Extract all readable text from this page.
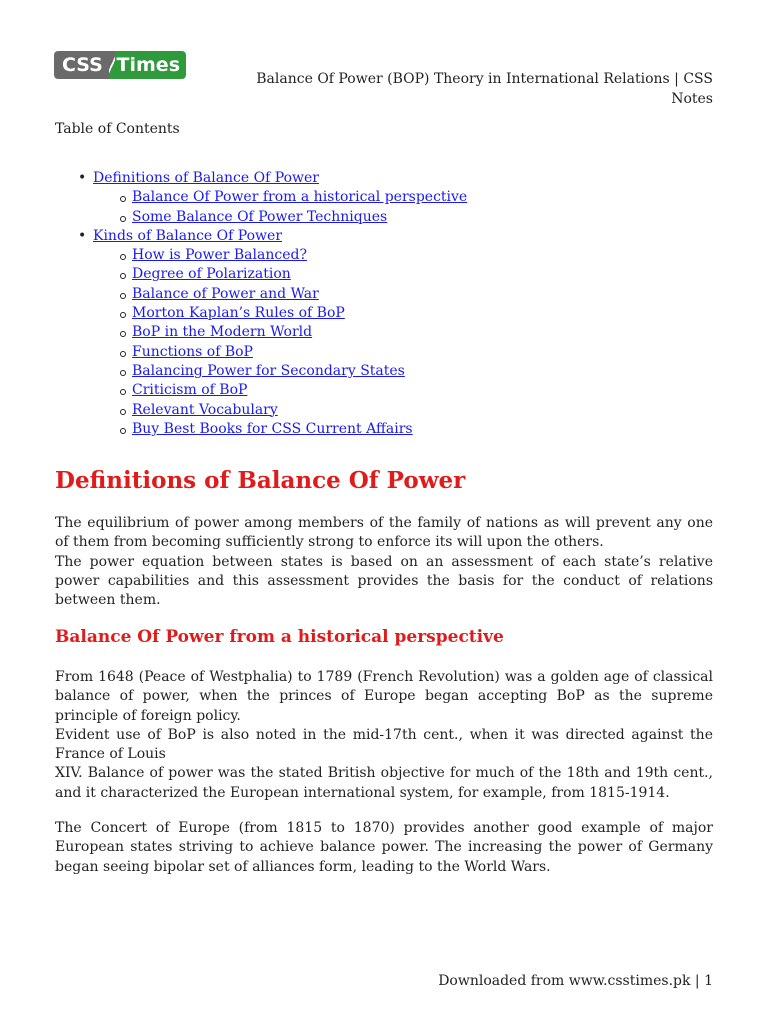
CSS Times
Balance Of Power (BOP) Theory in International Relations | CSS Notes
Table of Contents
• Definitions of Balance Of Power
Balance Of Power from a historical perspective
Some Balance Of Power Techniques
• Kinds of Balance Of Power
How is Power Balanced?
Degree of Polarization
Balance of Power and War
Morton Kaplan’s Rules of BoP
BoP in the Modern World
Functions of BoP
Balancing Power for Secondary States
Criticism of BoP
Relevant Vocabulary
Buy Best Books for CSS Current Affairs
Definitions of Balance Of Power
The equilibrium of power among members of the family of nations as will prevent any one of them from becoming sufficiently strong to enforce its will upon the others.
The power equation between states is based on an assessment of each state’s relative power capabilities and this assessment provides the basis for the conduct of relations between them.
Balance Of Power from a historical perspective
From 1648 (Peace of Westphalia) to 1789 (French Revolution) was a golden age of classical balance of power, when the princes of Europe began accepting BoP as the supreme principle of foreign policy.
Evident use of BoP is also noted in the mid-17th cent., when it was directed against the France of Louis
XIV. Balance of power was the stated British objective for much of the 18th and 19th cent., and it characterized the European international system, for example, from 1815-1914.
The Concert of Europe (from 1815 to 1870) provides another good example of major European states striving to achieve balance power. The increasing the power of Germany began seeing bipolar set of alliances form, leading to the World Wars.
Downloaded from www.csstimes.pk | 1
